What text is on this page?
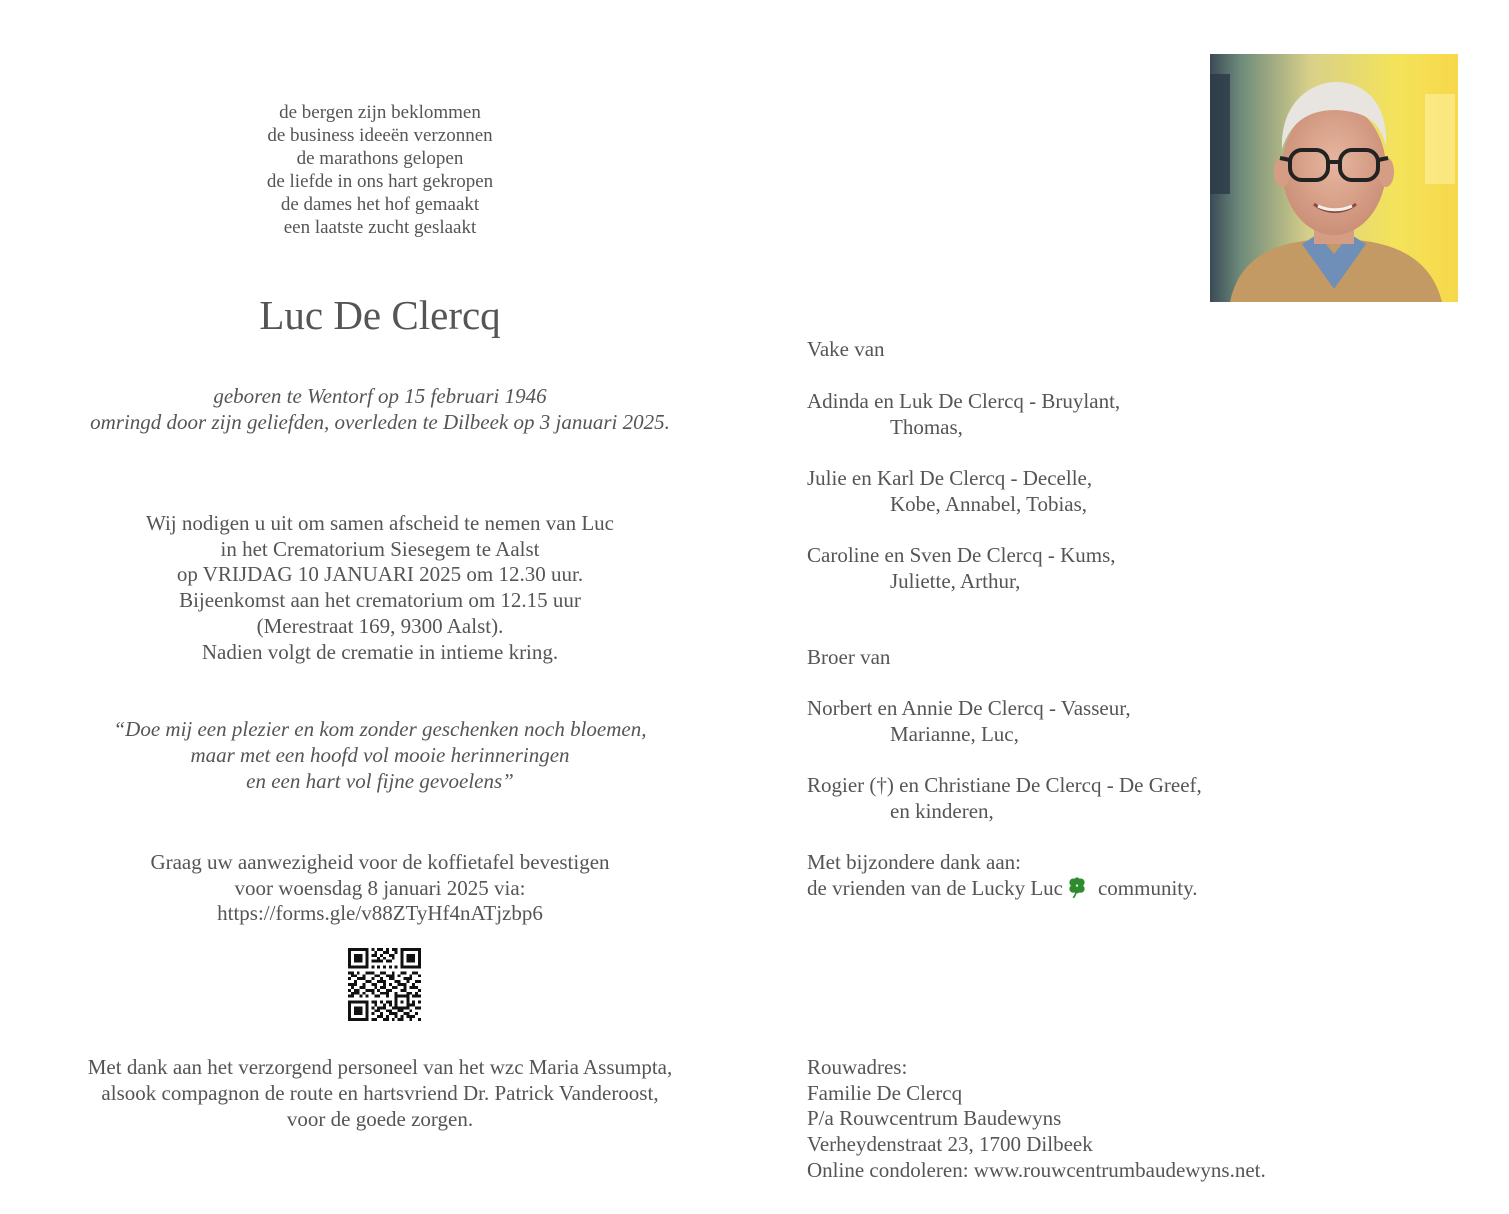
de bergen zijn beklommen
de business ideeën verzonnen
de marathons gelopen
de liefde in ons hart gekropen
de dames het hof gemaakt
een laatste zucht geslaakt
Luc De Clercq
geboren te Wentorf op 15 februari 1946
omringd door zijn geliefden, overleden te Dilbeek op 3 januari 2025.
Wij nodigen u uit om samen afscheid te nemen van Luc
in het Crematorium Siesegem te Aalst
op VRIJDAG 10 JANUARI 2025 om 12.30 uur.
Bijeenkomst aan het crematorium om 12.15 uur
(Merestraat 169, 9300 Aalst).
Nadien volgt de crematie in intieme kring.
“Doe mij een plezier en kom zonder geschenken noch bloemen,
maar met een hoofd vol mooie herinneringen
en een hart vol fijne gevoelens”
Graag uw aanwezigheid voor de koffietafel bevestigen
voor woensdag 8 januari 2025 via:
https://forms.gle/v88ZTyHf4nATjzbp6
Met dank aan het verzorgend personeel van het wzc Maria Assumpta,
alsook compagnon de route en hartsvriend Dr. Patrick Vanderoost,
voor de goede zorgen.
Vake van
Adinda en Luk De Clercq - Bruylant,
Thomas,
Julie en Karl De Clercq - Decelle,
Kobe, Annabel, Tobias,
Caroline en Sven De Clercq - Kums,
Juliette, Arthur,
Broer van
Norbert en Annie De Clercq - Vasseur,
Marianne, Luc,
Rogier (†) en Christiane De Clercq - De Greef,
en kinderen,
Met bijzondere dank aan:
de vrienden van de Lucky Luc community.
Rouwadres:
Familie De Clercq
P/a Rouwcentrum Baudewyns
Verheydenstraat 23, 1700 Dilbeek
Online condoleren: www.rouwcentrumbaudewyns.net.
